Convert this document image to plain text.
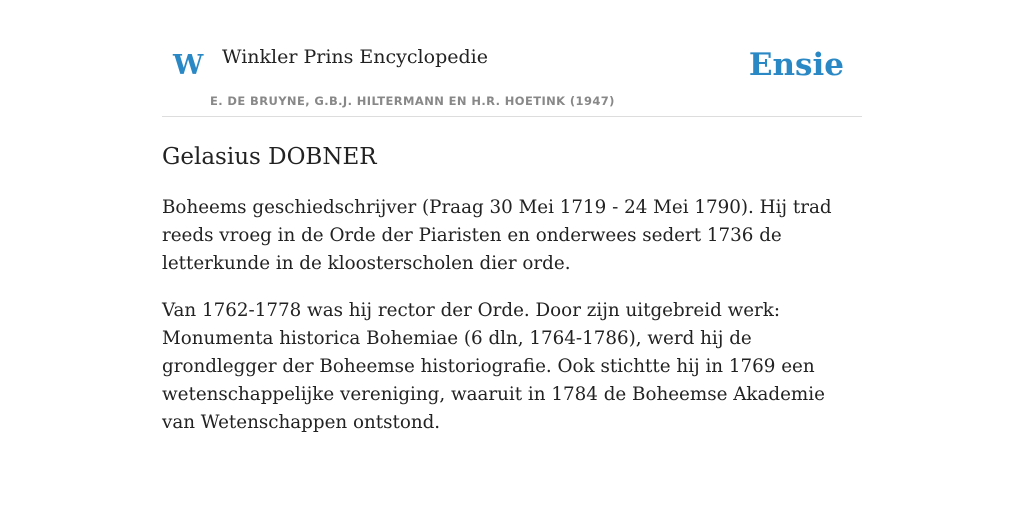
W Winkler Prins Encyclopedie
E. DE BRUYNE, G.B.J. HILTERMANN EN H.R. HOETINK (1947)
Ensie
Gelasius DOBNER

Boheems geschiedschrijver (Praag 30 Mei 1719 - 24 Mei 1790). Hij trad reeds vroeg in de Orde der Piaristen en onderwees sedert 1736 de letterkunde in de kloosterscholen dier orde.

Van 1762-1778 was hij rector der Orde. Door zijn uitgebreid werk: Monumenta historica Bohemiae (6 dln, 1764-1786), werd hij de grondlegger der Boheemse historiografie. Ook stichtte hij in 1769 een wetenschappelijke vereniging, waaruit in 1784 de Boheemse Akademie van Wetenschappen ontstond.
